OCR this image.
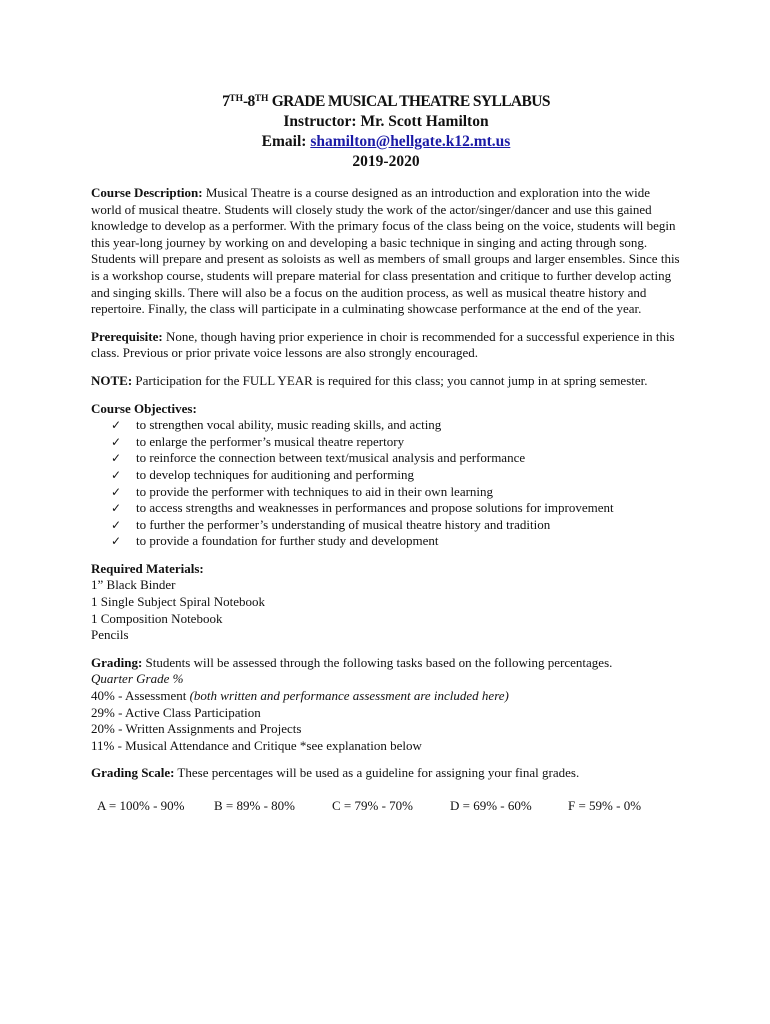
7TH-8TH GRADE MUSICAL THEATRE SYLLABUS
Instructor: Mr. Scott Hamilton
Email: shamilton@hellgate.k12.mt.us
2019-2020

Course Description: Musical Theatre is a course designed as an introduction and exploration into the wide world of musical theatre. Students will closely study the work of the actor/singer/dancer and use this gained knowledge to develop as a performer. With the primary focus of the class being on the voice, students will begin this year-long journey by working on and developing a basic technique in singing and acting through song. Students will prepare and present as soloists as well as members of small groups and larger ensembles. Since this is a workshop course, students will prepare material for class presentation and critique to further develop acting and singing skills. There will also be a focus on the audition process, as well as musical theatre history and repertoire. Finally, the class will participate in a culminating showcase performance at the end of the year.

Prerequisite: None, though having prior experience in choir is recommended for a successful experience in this class. Previous or prior private voice lessons are also strongly encouraged.

NOTE: Participation for the FULL YEAR is required for this class; you cannot jump in at spring semester.

Course Objectives:
✓ to strengthen vocal ability, music reading skills, and acting
✓ to enlarge the performer’s musical theatre repertory
✓ to reinforce the connection between text/musical analysis and performance
✓ to develop techniques for auditioning and performing
✓ to provide the performer with techniques to aid in their own learning
✓ to access strengths and weaknesses in performances and propose solutions for improvement
✓ to further the performer’s understanding of musical theatre history and tradition
✓ to provide a foundation for further study and development
Required Materials:
1” Black Binder
1 Single Subject Spiral Notebook
1 Composition Notebook
Pencils

Grading: Students will be assessed through the following tasks based on the following percentages.

Quarter Grade %
40% - Assessment (both written and performance assessment are included here)
29% - Active Class Participation
20% - Written Assignments and Projects
11% - Musical Attendance and Critique *see explanation below

Grading Scale: These percentages will be used as a guideline for assigning your final grades.

A = 100% - 90%	B = 89% - 80%	C = 79% - 70%	D = 69% - 60%	F = 59% - 0%
